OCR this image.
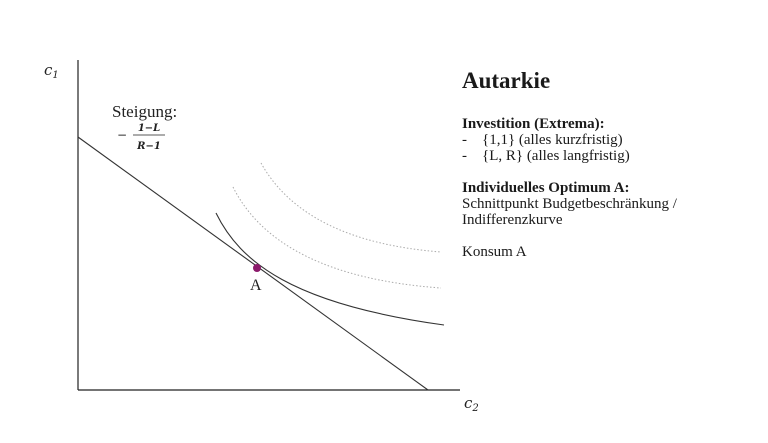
$c_1$
$c_2$
A
Steigung:
− 1−L
R−1
Autarkie
Investition (Extrema):
-	{1,1} (alles kurzfristig)
-	{L, R} (alles langfristig)
Individuelles Optimum A:
Schnittpunkt Budgetbeschränkung /
Indifferenzkurve
Konsum A
